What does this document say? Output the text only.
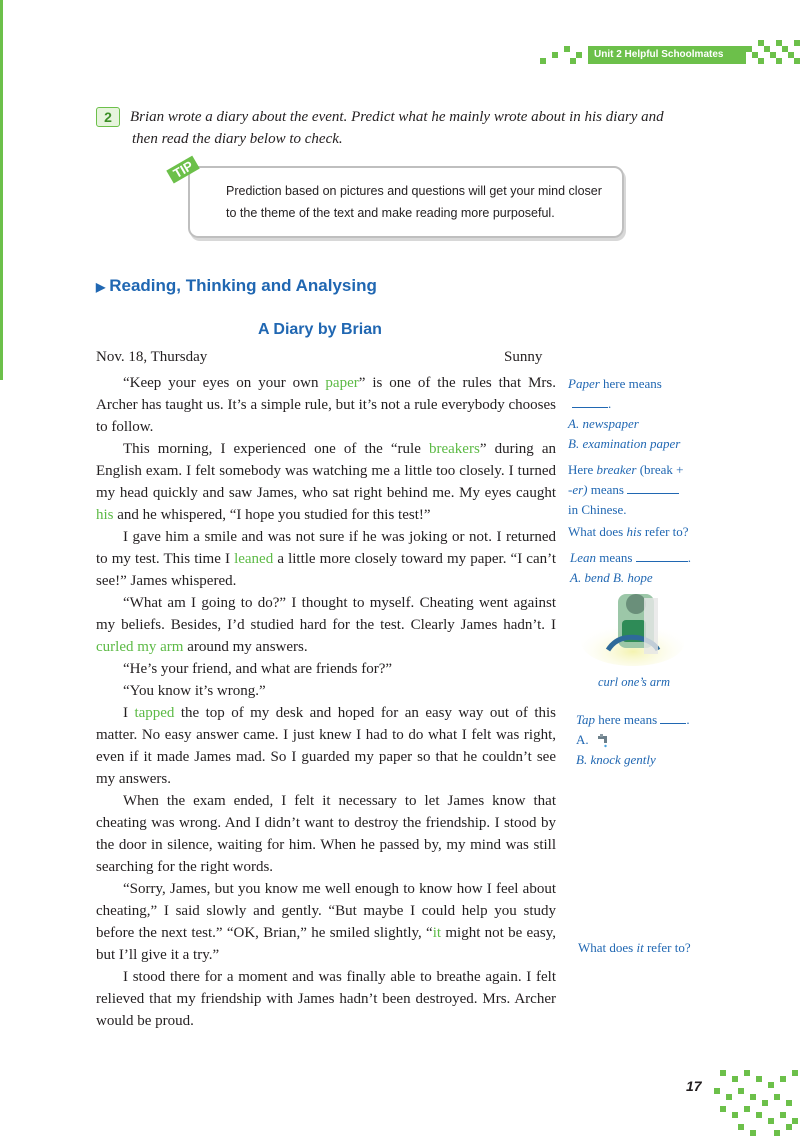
Unit 2 Helpful Schoolmates
2	Brian wrote a diary about the event. Predict what he mainly wrote about in his diary and
then read the diary below to check.
TIP
Prediction based on pictures and questions will get your mind closer
to the theme of the text and make reading more purposeful.
▶ Reading, Thinking and Analysing
A Diary by Brian
Nov. 18, Thursday	Sunny

“Keep your eyes on your own paper” is one of the rules that Mrs. Archer has taught us. It’s a simple rule, but it’s not a rule everybody chooses to follow.

This morning, I experienced one of the “rule breakers” during an English exam. I felt somebody was watching me a little too closely. I turned my head quickly and saw James, who sat right behind me. My eyes caught his and he whispered, “I hope you studied for this test!”

I gave him a smile and was not sure if he was joking or not. I returned to my test. This time I leaned a little more closely toward my paper. “I can’t see!” James whispered.

“What am I going to do?” I thought to myself. Cheating went against my beliefs. Besides, I’d studied hard for the test. Clearly James hadn’t. I curled my arm around my answers.

“He’s your friend, and what are friends for?”

“You know it’s wrong.”

I tapped the top of my desk and hoped for an easy way out of this matter. No easy answer came. I just knew I had to do what I felt was right, even if it made James mad. So I guarded my paper so that he couldn’t see my answers.

When the exam ended, I felt it necessary to let James know that cheating was wrong. And I didn’t want to destroy the friendship. I stood by the door in silence, waiting for him. When he passed by, my mind was still searching for the right words.

“Sorry, James, but you know me well enough to know how I feel about cheating,” I said slowly and gently. “But maybe I could help you study before the next test.” “OK, Brian,” he smiled slightly, “it might not be easy, but I’ll give it a try.”

I stood there for a moment and was finally able to breathe again. I felt relieved that my friendship with James hadn’t been destroyed. Mrs. Archer would be proud.

Paper here means
.
A. newspaper
B. examination paper
Here breaker (break +
-er) means
in Chinese.
What does his refer to?
Lean means	.
A. bend B. hope
curl one’s arm
Tap here means .
A.
B. knock gently
What does it refer to?
17
